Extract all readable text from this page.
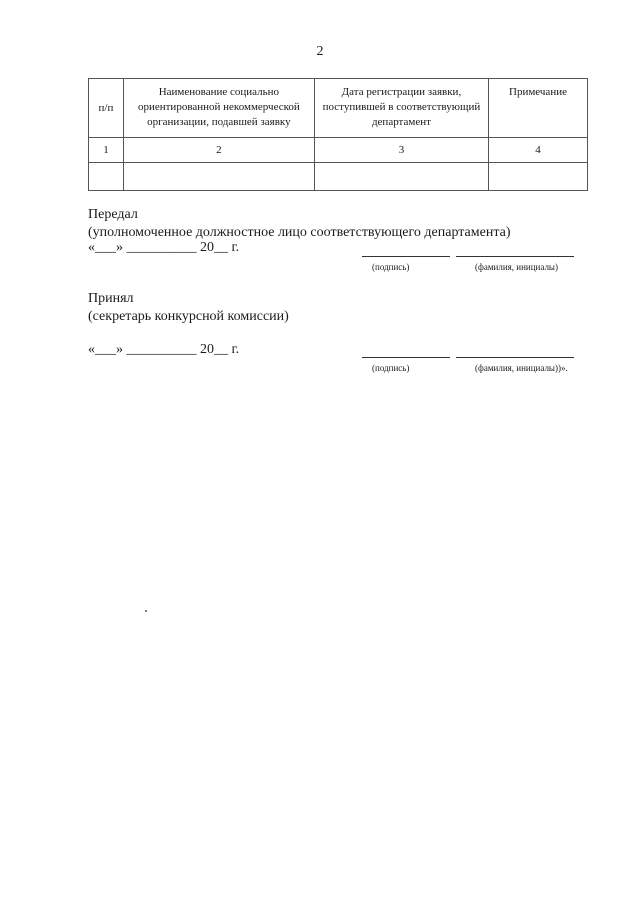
2
п/п	Наименование социально ориентированной некоммерческой организации, подавшей заявку	Дата регистрации заявки, поступившей в соответствующий департамент	Примечание
1	2	3	4

Передал
(уполномоченное должностное лицо соответствующего департамента)
«___» __________ 20__ г.
(подпись)	(фамилия, инициалы)
Принял
(секретарь конкурсной комиссии)
«___» __________ 20__ г.
(подпись)	(фамилия, инициалы))».
